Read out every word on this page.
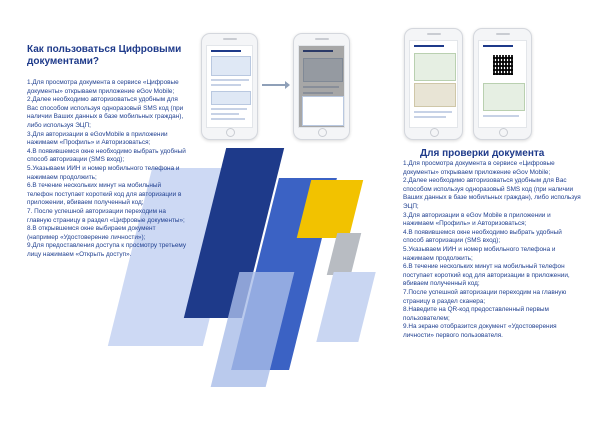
Как пользоваться Цифровыми документами?
1.Для просмотра документа в сервисе «Цифровые документы» открываем приложение eGov Mobile;
2.Далее необходимо авторизоваться удобным для Вас способом используя одноразовый SMS код (при наличии Ваших данных в базе мобильных граждан), либо используя ЭЦП;
3.Для авторизации в eGovMobile в приложении нажимаем «Профиль» и Авторизоваться;
4.В появившемся окне необходимо выбрать удобный способ авторизации (SMS вход);
5.Указываем ИИН и номер мобильного телефона и нажимаем продолжить;
6.В течение нескольких минут на мобильный телефон поступает короткий код для авторизации в приложении, вбиваем полученный код;
7. После успешной авторизации переходим на главную страницу в раздел «Цифровые документы»;
8.В открывшемся окне выбираем документ (например «Удостоверение личности»);
9.Для предоставления доступа к просмотру третьему лицу нажимаем «Открыть доступ».
Для проверки документа
1.Для просмотра документа в сервисе «Цифровые документы» открываем приложение eGov Mobile;
2.Далее необходимо авторизоваться удобным для Вас способом используя одноразовый SMS код (при наличии Ваших данных в базе мобильных граждан), либо используя ЭЦП;
3.Для авторизации в eGov Mobile в приложении и нажимаем «Профиль» и Авторизоваться;
4.В появившемся окне необходимо выбрать удобный способ авторизации (SMS вход);
5.Указываем ИИН и номер мобильного телефона и нажимаем продолжить;
6.В течение нескольких минут на мобильный телефон поступает короткий код для авторизации в приложении, вбиваем полученный код;
7.После успешной авторизации переходим на главную страницу в раздел сканера;
8.Наведите на QR-код предоставленный первым пользователем;
9.На экране отобразится документ «Удостоверения личности» первого пользователя.
